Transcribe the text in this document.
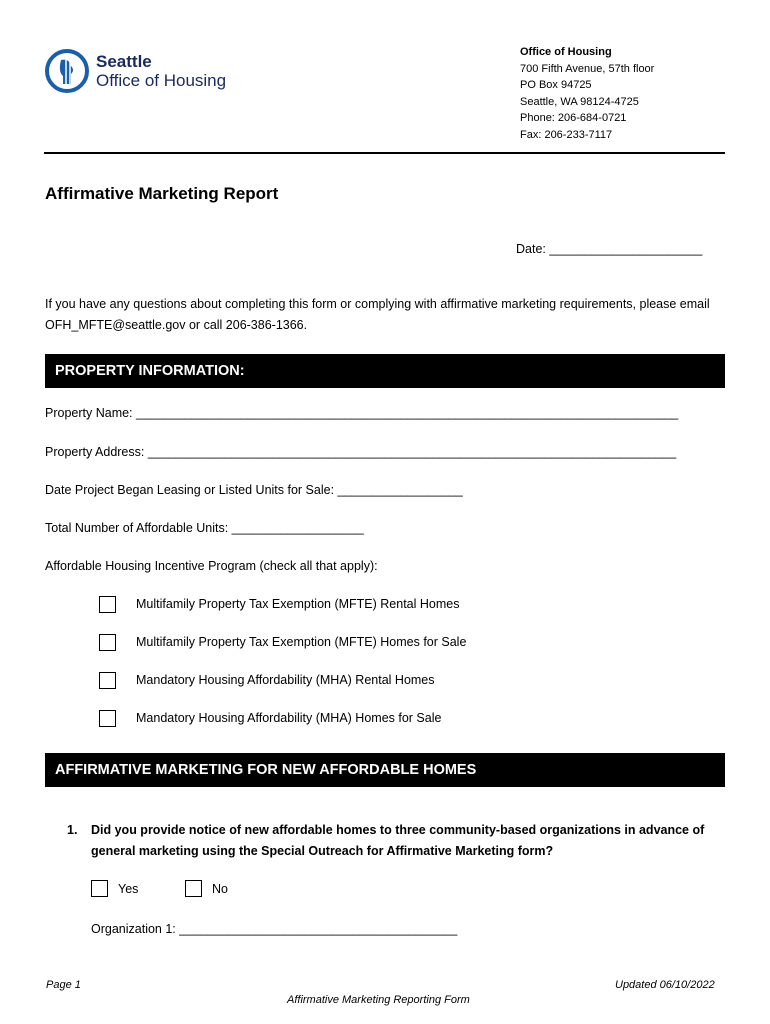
Seattle
Office of Housing
Office of Housing
700 Fifth Avenue, 57th floor
PO Box 94725
Seattle, WA 98124-4725
Phone: 206-684-0721
Fax: 206-233-7117
Affirmative Marketing Report
Date: ______________________
If you have any questions about completing this form or complying with affirmative marketing requirements, please email OFH_MFTE@seattle.gov or call 206-386-1366.
PROPERTY INFORMATION:
Property Name: ______________________________________________________________________________
Property Address: ____________________________________________________________________________
Date Project Began Leasing or Listed Units for Sale: __________________
Total Number of Affordable Units: ___________________
Affordable Housing Incentive Program (check all that apply):
Multifamily Property Tax Exemption (MFTE) Rental Homes
Multifamily Property Tax Exemption (MFTE) Homes for Sale
Mandatory Housing Affordability (MHA) Rental Homes
Mandatory Housing Affordability (MHA) Homes for Sale
AFFIRMATIVE MARKETING FOR NEW AFFORDABLE HOMES
1. Did you provide notice of new affordable homes to three community-based organizations in advance of general marketing using the Special Outreach for Affirmative Marketing form?
Yes	No
Organization 1: ________________________________________
Page 1	Updated 06/10/2022
Affirmative Marketing Reporting Form
